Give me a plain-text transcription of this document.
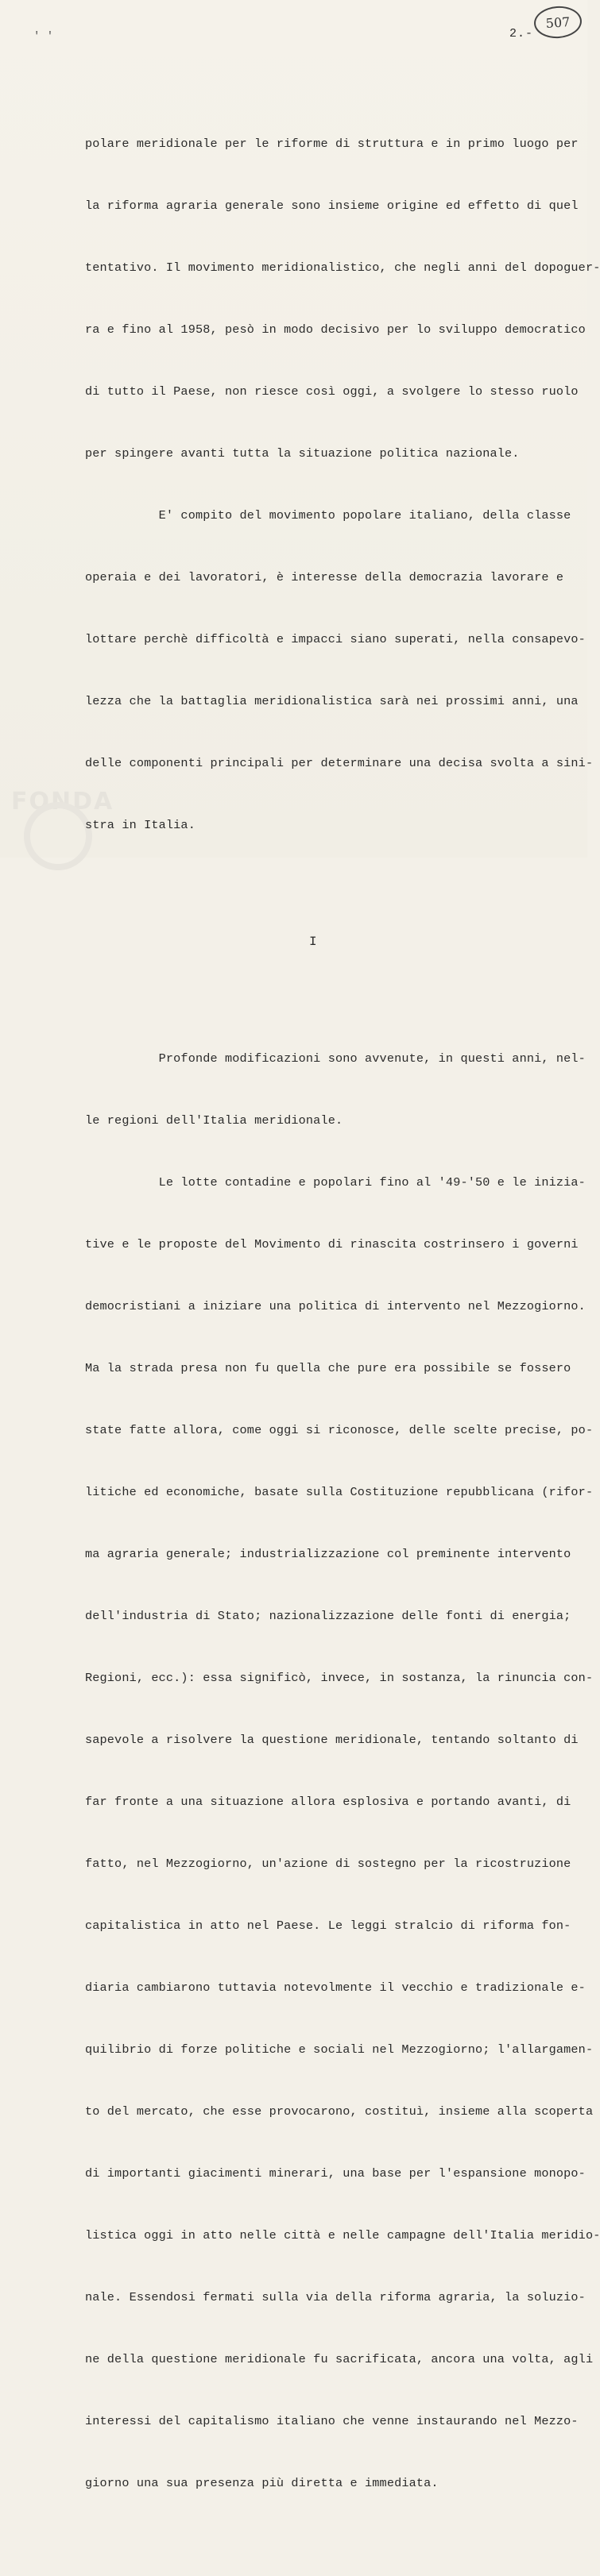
FONDA
' '
507
2.-

polare meridionale per le riforme di struttura e in primo luogo per

la riforma agraria generale sono insieme origine ed effetto di quel

tentativo. Il movimento meridionalistico, che negli anni del dopoguer-

ra e fino al 1958, pesò in modo decisivo per lo sviluppo democratico

di tutto il Paese, non riesce così oggi, a svolgere lo stesso ruolo

per spingere avanti tutta la situazione politica nazionale.

E' compito del movimento popolare italiano, della classe

operaia e dei lavoratori, è interesse della democrazia lavorare e

lottare perchè difficoltà e impacci siano superati, nella consapevo-

lezza che la battaglia meridionalistica sarà nei prossimi anni, una

delle componenti principali per determinare una decisa svolta a sini-

stra in Italia.

I

Profonde modificazioni sono avvenute, in questi anni, nel-

le regioni dell'Italia meridionale.

Le lotte contadine e popolari fino al '49-'50 e le inizia-

tive e le proposte del Movimento di rinascita costrinsero i governi

democristiani a iniziare una politica di intervento nel Mezzogiorno.

Ma la strada presa non fu quella che pure era possibile se fossero

state fatte allora, come oggi si riconosce, delle scelte precise, po-

litiche ed economiche, basate sulla Costituzione repubblicana (rifor-

ma agraria generale; industrializzazione col preminente intervento

dell'industria di Stato; nazionalizzazione delle fonti di energia;

Regioni, ecc.): essa significò, invece, in sostanza, la rinuncia con-

sapevole a risolvere la questione meridionale, tentando soltanto di

far fronte a una situazione allora esplosiva e portando avanti, di

fatto, nel Mezzogiorno, un'azione di sostegno per la ricostruzione

capitalistica in atto nel Paese. Le leggi stralcio di riforma fon-

diaria cambiarono tuttavia notevolmente il vecchio e tradizionale e-

quilibrio di forze politiche e sociali nel Mezzogiorno; l'allargamen-

to del mercato, che esse provocarono, costituì, insieme alla scoperta

di importanti giacimenti minerari, una base per l'espansione monopo-

listica oggi in atto nelle città e nelle campagne dell'Italia meridio-

nale. Essendosi fermati sulla via della riforma agraria, la soluzio-

ne della questione meridionale fu sacrificata, ancora una volta, agli

interessi del capitalismo italiano che venne instaurando nel Mezzo-

giorno una sua presenza più diretta e immediata.
